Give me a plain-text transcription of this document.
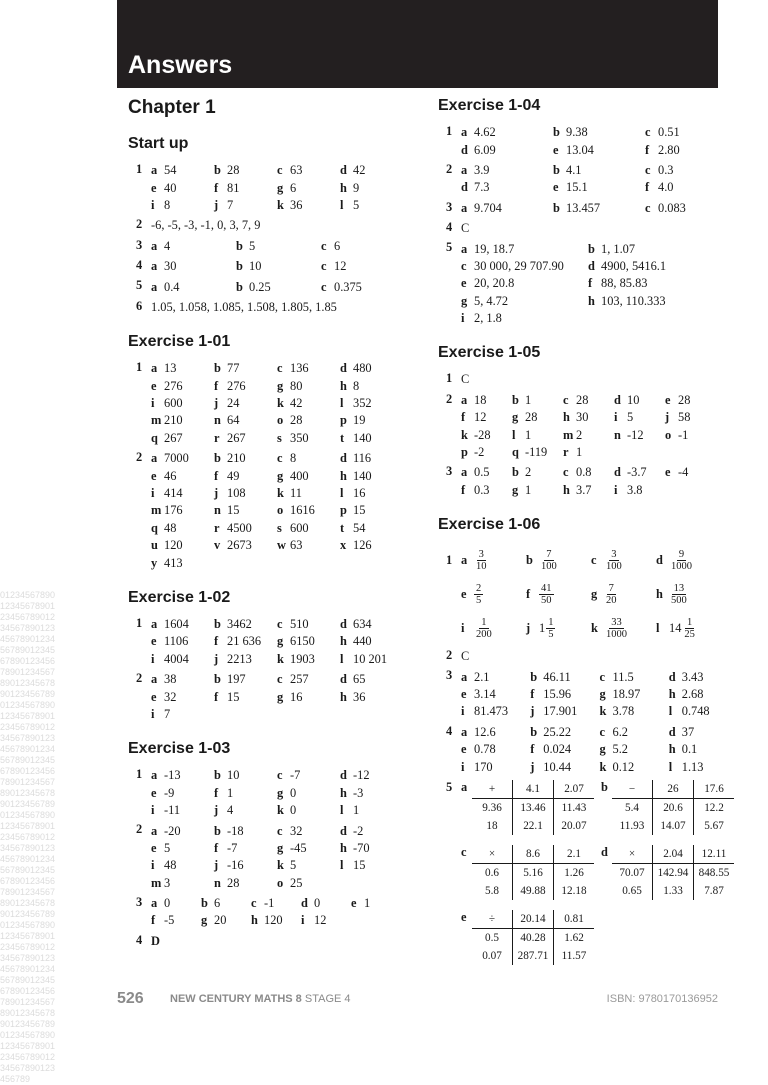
0123456789012345678901234567890123456789012345678901234567890123456789012345678901234567890123456789012345678901234567890123456789012345678901234567890123456789012345678901234567890123456789012345678901234567890123456789012345678901234567890123456789012345678901234567890123456789012345678901234567890123456789012345678901234567890123456789012345678901234567890123456789012345678901234567890123456789012345678901234567890123456789012345678901234567890123456789012345678901234567890123456789
Answers
Chapter 1
Start up
1 a 54	b 28	c 63	d 42
e 40	f 81	g 6	h 9
i 8	j 7	k 36	l 5
2 -6, -5, -3, -1, 0, 3, 7, 9
3 a 4	b 5	c 6
4 a 30	b 10	c 12
5 a 0.4	b 0.25	c 0.375
6 1.05, 1.058, 1.085, 1.508, 1.805, 1.85
Exercise 1-01
1 a 13	b 77	c 136	d 480
e 276	f 276	g 80	h 8
i 600	j 24	k 42	l 352
m 210	n 64	o 28	p 19
q 267	r 267	s 350	t 140
2 a 7000 b 210	c 8	d 116
e 46	f 49	g 400	h 140
i 414	j 108	k 11	l 16
m 176	n 15	o 1616 p 15
q 48	r 4500 s 600	t 54
u 120	v 2673 w 63	x 126
y 413
Exercise 1-02
1 a 1604 b 3462 c 510	d 634
e 1106 f 21 636 g 6150 h 440
i 4004 j 2213 k 1903 l 10 201
2 a 38	b 197	c 257	d 65
e 32	f 15	g 16	h 36
i 7
Exercise 1-03
1 a -13	b 10	c -7	d -12
e -9	f 1	g 0	h -3
i -11	j 4	k 0	l 1
2 a -20	b -18	c 32	d -2
e 5	f -7	g -45	h -70
i 48	j -16	k 5	l 15
m 3	n 28	o 25
3 a 0 b 6 c -1 d 0 e 1
f -5 g 20 h 120 i 12
4 D
Exercise 1-04
1 a 4.62	b 9.38	c 0.51
d 6.09	e 13.04	f 2.80
2 a 3.9	b 4.1	c 0.3
d 7.3	e 15.1	f 4.0
3 a 9.704	b 13.457	c 0.083
4 C
5 a 19, 18.7	b 1, 1.07
c 30 000, 29 707.90 d 4900, 5416.1
e 20, 20.8	f 88, 85.83
g 5, 4.72	h 103, 110.333
i 2, 1.8
Exercise 1-05
1 C
2 a 18 b 1	c 28 d 10 e 28
f 12 g 28 h 30 i 5	j 58
k -28 l 1	m 2	n -12 o -1
p -2 q -119 r 1
3 a 0.5 b 2	c 0.8 d -3.7 e -4
f 0.3 g 1	h 3.7 i 3.8
Exercise 1-06
1 a $\frac{3}{10}$	b $\frac{7}{100}$	c $\frac{3}{100}$	d $\frac{9}{1000}$
e $\frac{2}{5}$	f $\frac{41}{50}$	g $\frac{7}{20}$	h $\frac{13}{500}$
i $\frac{1}{200}$	j $1 \frac{1}{5}$	k $\frac{33}{1000}$ l $14 \frac{1}{25}$
2 C
3 a 2.1	b 46.11 c 11.5	d 3.43
e 3.14	f 15.96 g 18.97 h 2.68
i 81.473 j 17.901 k 3.78	l 0.748
4 a 12.6	b 25.22 c 6.2	d 37
e 0.78	f 0.024 g 5.2	h 0.1
i 170	j 10.44 k 0.12	l 1.13
5 a	+	4.1	2.07
9.36	13.46	11.43
18	22.1	20.07
b −	26	17.6
5.4	20.6	12.2
11.93	14.07	5.67
c	×	8.6	2.1
0.6	5.16	1.26
5.8	49.88	12.18
d ×	2.04	12.11
70.07	142.94	848.55
0.65	1.33	7.87
e	÷	20.14	0.81
0.5	40.28	1.62
0.07	287.71	11.57
526 NEW CENTURY MATHS 8 STAGE 4	ISBN: 9780170136952
